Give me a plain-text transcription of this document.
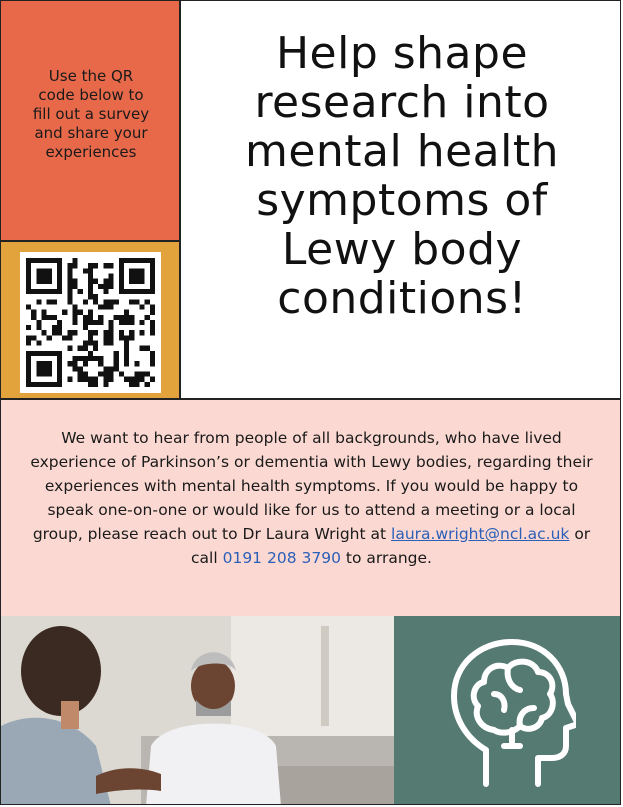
Use the QR code below to fill out a survey and share your experiences
Help shape
research into
mental health
symptoms of
Lewy body
conditions!
We want to hear from people of all backgrounds, who have lived experience of Parkinson’s or dementia with Lewy bodies, regarding their experiences with mental health symptoms. If you would be happy to speak one-on-one or would like for us to attend a meeting or a local group, please reach out to Dr Laura Wright at laura.wright@ncl.ac.uk or call 0191 208 3790 to arrange.
